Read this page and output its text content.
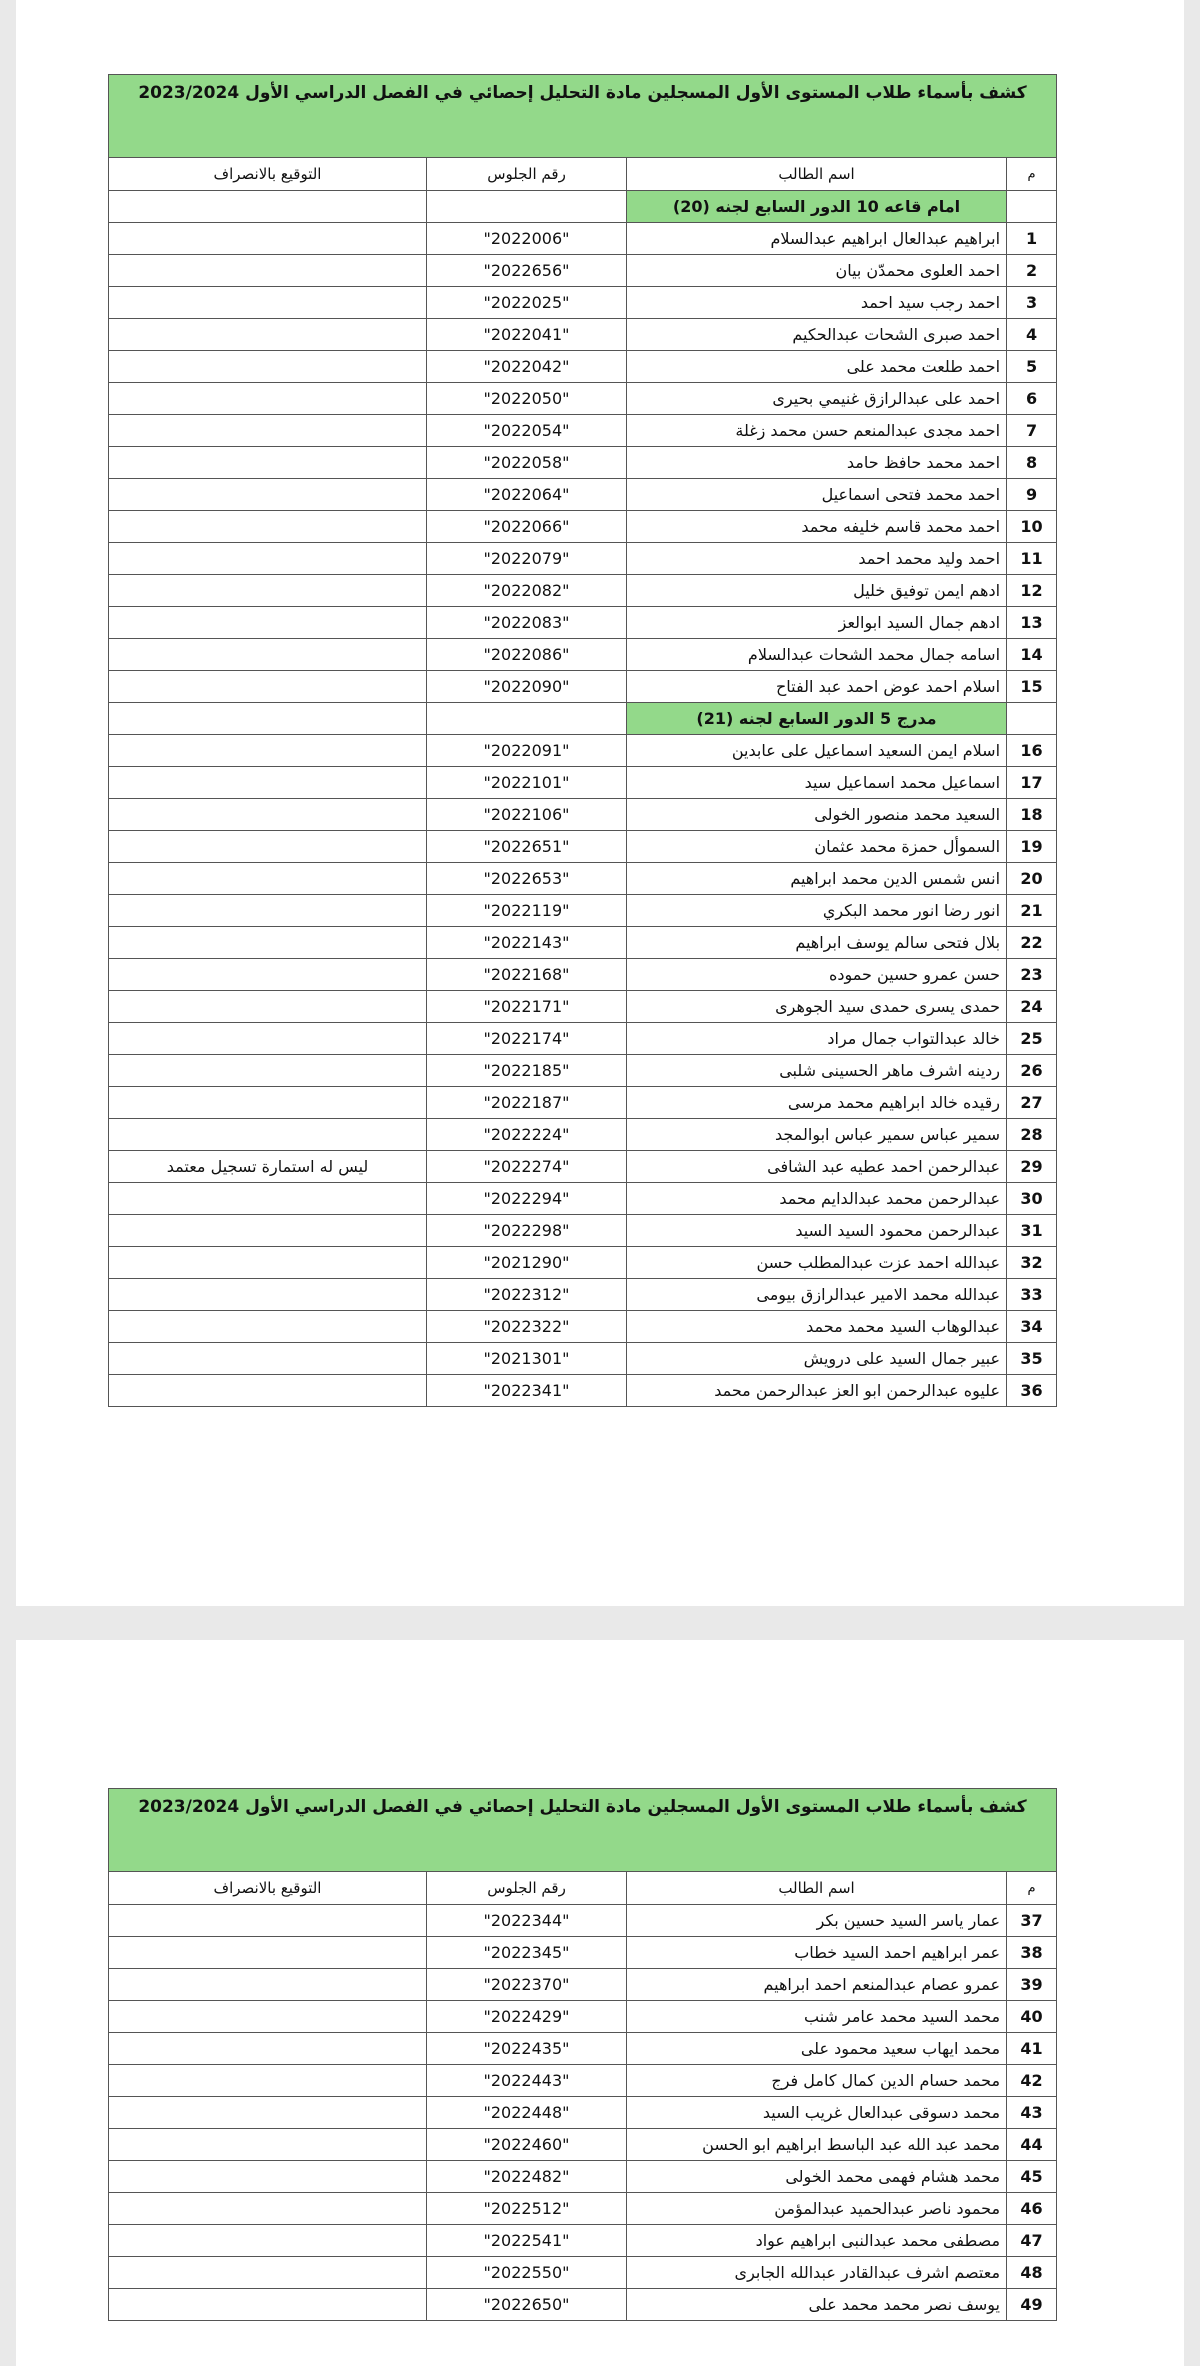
كشف بأسماء طلاب المستوى الأول المسجلين مادة التحليل إحصائي في الفصل الدراسي الأول 2023/2024			
م	اسم الطالب	رقم الجلوس	التوقيع بالانصراف
	امام قاعه 10 الدور السابع لجنه (20)		
1	ابراهيم عبدالعال ابراهيم عبدالسلام	"2022006"	
2	احمد العلوى محمدّن بيان	"2022656"	
3	احمد رجب سيد احمد	"2022025"	
4	احمد صبرى الشحات عبدالحكيم	"2022041"	
5	احمد طلعت محمد على	"2022042"	
6	احمد على عبدالرازق غنيمي بحيرى	"2022050"	
7	احمد مجدى عبدالمنعم حسن محمد زغلة	"2022054"	
8	احمد محمد حافظ حامد	"2022058"	
9	احمد محمد فتحى اسماعيل	"2022064"	
10	احمد محمد قاسم خليفه محمد	"2022066"	
11	احمد وليد محمد احمد	"2022079"	
12	ادهم ايمن توفيق خليل	"2022082"	
13	ادهم جمال السيد ابوالعز	"2022083"	
14	اسامه جمال محمد الشحات عبدالسلام	"2022086"	
15	اسلام احمد عوض احمد عبد الفتاح	"2022090"	
	مدرج 5 الدور السابع لجنه (21)		
16	اسلام ايمن السعيد اسماعيل على عابدين	"2022091"	
17	اسماعيل محمد اسماعيل سيد	"2022101"	
18	السعيد محمد منصور الخولى	"2022106"	
19	السموأل حمزة محمد عثمان	"2022651"	
20	انس شمس الدين محمد ابراهيم	"2022653"	
21	انور رضا انور محمد البكري	"2022119"	
22	بلال فتحى سالم يوسف ابراهيم	"2022143"	
23	حسن عمرو حسين حموده	"2022168"	
24	حمدى يسرى حمدى سيد الجوهرى	"2022171"	
25	خالد عبدالتواب جمال مراد	"2022174"	
26	ردينه اشرف ماهر الحسينى شلبى	"2022185"	
27	رقيده خالد ابراهيم محمد مرسى	"2022187"	
28	سمير عباس سمير عباس ابوالمجد	"2022224"	
29	عبدالرحمن احمد عطيه عبد الشافى	"2022274"	ليس له استمارة تسجيل معتمد
30	عبدالرحمن محمد عبدالدايم محمد	"2022294"	
31	عبدالرحمن محمود السيد السيد	"2022298"	
32	عبدالله احمد عزت عبدالمطلب حسن	"2021290"	
33	عبدالله محمد الامير عبدالرازق بيومى	"2022312"	
34	عبدالوهاب السيد محمد محمد	"2022322"	
35	عبير جمال السيد على درويش	"2021301"	
36	عليوه عبدالرحمن ابو العز عبدالرحمن محمد	"2022341"	
كشف بأسماء طلاب المستوى الأول المسجلين مادة التحليل إحصائي في الفصل الدراسي الأول 2023/2024			
م	اسم الطالب	رقم الجلوس	التوقيع بالانصراف
37	عمار ياسر السيد حسين بكر	"2022344"	
38	عمر ابراهيم احمد السيد خطاب	"2022345"	
39	عمرو عصام عبدالمنعم احمد ابراهيم	"2022370"	
40	محمد السيد محمد عامر شنب	"2022429"	
41	محمد ايهاب سعيد محمود على	"2022435"	
42	محمد حسام الدين كمال كامل فرج	"2022443"	
43	محمد دسوقى عبدالعال غريب السيد	"2022448"	
44	محمد عبد الله عبد الباسط ابراهيم ابو الحسن	"2022460"	
45	محمد هشام فهمى محمد الخولى	"2022482"	
46	محمود ناصر عبدالحميد عبدالمؤمن	"2022512"	
47	مصطفى محمد عبدالنبى ابراهيم عواد	"2022541"	
48	معتصم اشرف عبدالقادر عبدالله الجابرى	"2022550"	
49	يوسف نصر محمد محمد على	"2022650"	
